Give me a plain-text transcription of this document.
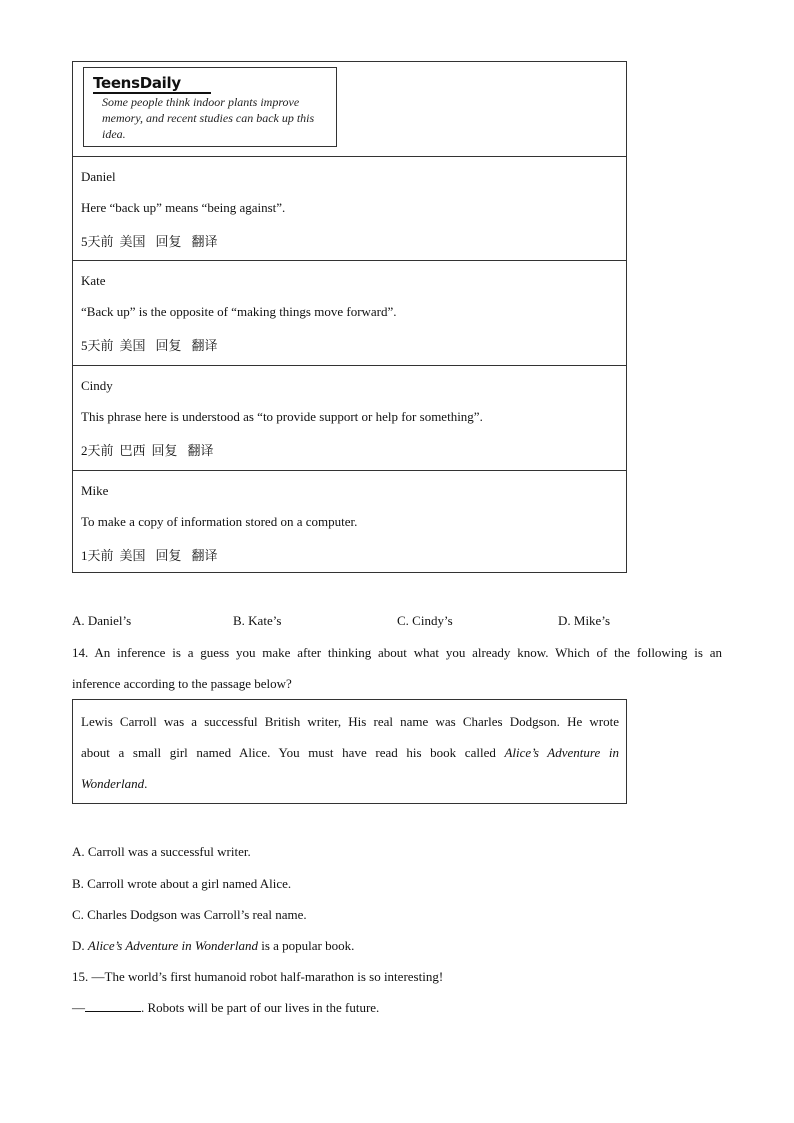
TeensDaily
Some people think indoor plants improve memory, and recent studies can back up this idea.
Daniel
Here “back up” means “being against”.
5天前 美国 回复 翻译
Kate
“Back up” is the opposite of “making things move forward”.
5天前 美国 回复 翻译
Cindy
This phrase here is understood as “to provide support or help for something”.
2天前 巴西 回复 翻译
Mike
To make a copy of information stored on a computer.
1天前 美国 回复 翻译
A. Daniel’s	B. Kate’s	C. Cindy’s	D. Mike’s
14. An inference is a guess you make after thinking about what you already know. Which of the following is an
inference according to the passage below?
Lewis Carroll was a successful British writer, His real name was Charles Dodgson. He wrote
about a small girl named Alice. You must have read his book called Alice’s Adventure in
Wonderland.
A. Carroll was a successful writer.
B. Carroll wrote about a girl named Alice.
C. Charles Dodgson was Carroll’s real name.
D. Alice’s Adventure in Wonderland is a popular book.
15. —The world’s first humanoid robot half-marathon is so interesting!
—	. Robots will be part of our lives in the future.
